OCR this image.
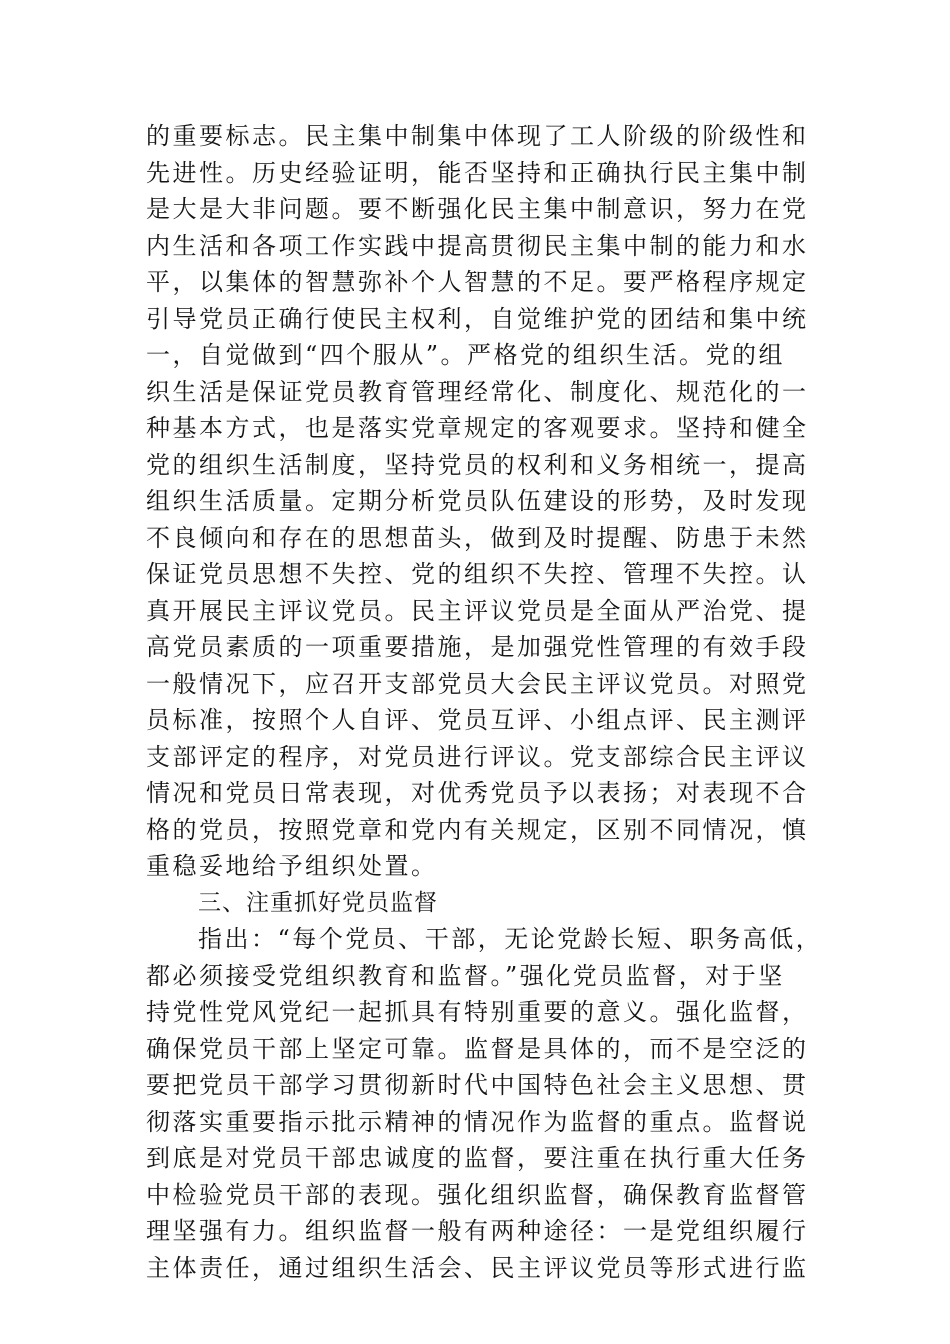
的重要标志。民主集中制集中体现了工人阶级的阶级性和
先进性。历史经验证明，能否坚持和正确执行民主集中制
是大是大非问题。要不断强化民主集中制意识，努力在党
内生活和各项工作实践中提高贯彻民主集中制的能力和水
平，以集体的智慧弥补个人智慧的不足。要严格程序规定
引导党员正确行使民主权利，自觉维护党的团结和集中统
一，自觉做到“四个服从”。严格党的组织生活。党的组
织生活是保证党员教育管理经常化、制度化、规范化的一
种基本方式，也是落实党章规定的客观要求。坚持和健全
党的组织生活制度，坚持党员的权利和义务相统一，提高
组织生活质量。定期分析党员队伍建设的形势，及时发现
不良倾向和存在的思想苗头，做到及时提醒、防患于未然
保证党员思想不失控、党的组织不失控、管理不失控。认
真开展民主评议党员。民主评议党员是全面从严治党、提
高党员素质的一项重要措施，是加强党性管理的有效手段
一般情况下，应召开支部党员大会民主评议党员。对照党
员标准，按照个人自评、党员互评、小组点评、民主测评
支部评定的程序，对党员进行评议。党支部综合民主评议
情况和党员日常表现，对优秀党员予以表扬；对表现不合
格的党员，按照党章和党内有关规定，区别不同情况，慎
重稳妥地给予组织处置。
三、注重抓好党员监督
指出：“每个党员、干部，无论党龄长短、职务高低，
都必须接受党组织教育和监督。”强化党员监督，对于坚
持党性党风党纪一起抓具有特别重要的意义。强化监督，
确保党员干部上坚定可靠。监督是具体的，而不是空泛的
要把党员干部学习贯彻新时代中国特色社会主义思想、贯
彻落实重要指示批示精神的情况作为监督的重点。监督说
到底是对党员干部忠诚度的监督，要注重在执行重大任务
中检验党员干部的表现。强化组织监督，确保教育监督管
理坚强有力。组织监督一般有两种途径：一是党组织履行
主体责任，通过组织生活会、民主评议党员等形式进行监
